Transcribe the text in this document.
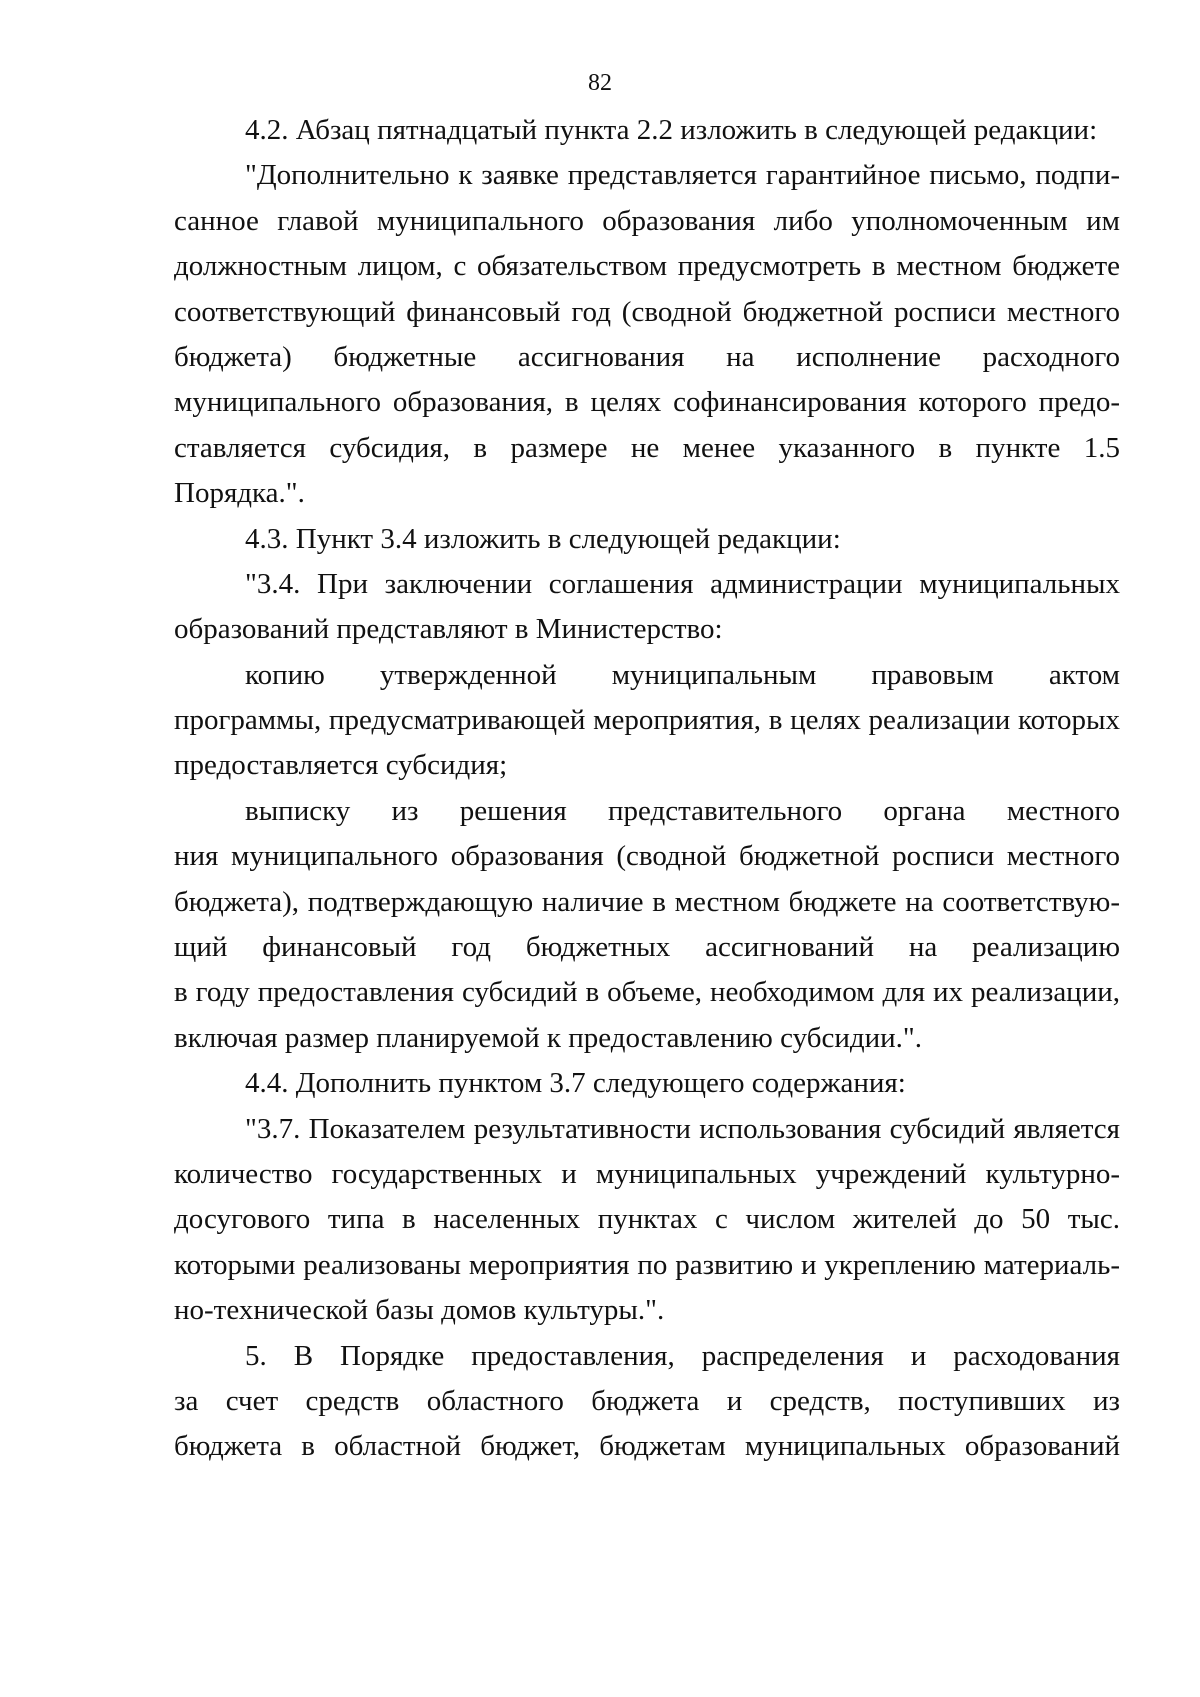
82
4.2. Абзац пятнадцатый пункта 2.2 изложить в следующей редакции:
"Дополнительно к заявке представляется гарантийное письмо, подпи-
санное главой муниципального образования либо уполномоченным им
должностным лицом, с обязательством предусмотреть в местном бюджете
соответствующий финансовый год (сводной бюджетной росписи местного
бюджета) бюджетные ассигнования на исполнение расходного
муниципального образования, в целях софинансирования которого предо-
ставляется субсидия, в размере не менее указанного в пункте 1.5
Порядка.".
4.3. Пункт 3.4 изложить в следующей редакции:
"3.4. При заключении соглашения администрации муниципальных
образований представляют в Министерство:
копию утвержденной муниципальным правовым актом
программы, предусматривающей мероприятия, в целях реализации которых
предоставляется субсидия;
выписку из решения представительного органа местного
ния муниципального образования (сводной бюджетной росписи местного
бюджета), подтверждающую наличие в местном бюджете на соответствую-
щий финансовый год бюджетных ассигнований на реализацию
в году предоставления субсидий в объеме, необходимом для их реализации,
включая размер планируемой к предоставлению субсидии.".
4.4. Дополнить пунктом 3.7 следующего содержания:
"3.7. Показателем результативности использования субсидий является
количество государственных и муниципальных учреждений культурно-
досугового типа в населенных пунктах с числом жителей до 50 тыс.
которыми реализованы мероприятия по развитию и укреплению материаль-
но-технической базы домов культуры.".
5. В Порядке предоставления, распределения и расходования
за счет средств областного бюджета и средств, поступивших из
бюджета в областной бюджет, бюджетам муниципальных образований
